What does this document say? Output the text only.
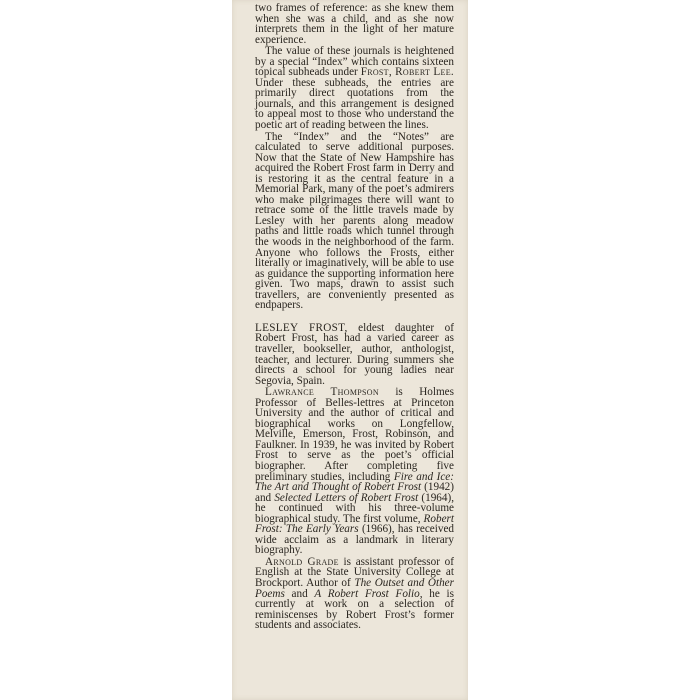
two frames of reference: as she knew them when she was a child, and as she now interprets them in the light of her mature experience.

The value of these journals is heightened by a special “Index” which contains sixteen topical subheads under Frost, Robert Lee. Under these subheads, the entries are primarily direct quotations from the journals, and this arrangement is designed to appeal most to those who understand the poetic art of reading between the lines.

The “Index” and the “Notes” are calculated to serve additional purposes. Now that the State of New Hampshire has acquired the Robert Frost farm in Derry and is restoring it as the central feature in a Memorial Park, many of the poet’s admirers who make pilgrimages there will want to retrace some of the little travels made by Lesley with her parents along meadow paths and little roads which tunnel through the woods in the neighborhood of the farm. Anyone who follows the Frosts, either literally or imaginatively, will be able to use as guidance the supporting information here given. Two maps, drawn to assist such travellers, are conveniently presented as endpapers.

LESLEY FROST, eldest daughter of Robert Frost, has had a varied career as traveller, bookseller, author, anthologist, teacher, and lecturer. During summers she directs a school for young ladies near Segovia, Spain.

Lawrance Thompson is Holmes Professor of Belles-lettres at Princeton University and the author of critical and biographical works on Longfellow, Melville, Emerson, Frost, Robinson, and Faulkner. In 1939, he was invited by Robert Frost to serve as the poet’s official biographer. After completing five preliminary studies, including Fire and Ice: The Art and Thought of Robert Frost (1942) and Selected Letters of Robert Frost (1964), he continued with his three-volume biographical study. The first volume, Robert Frost: The Early Years (1966), has received wide acclaim as a landmark in literary biography.

Arnold Grade is assistant professor of English at the State University College at Brockport. Author of The Outset and Other Poems and A Robert Frost Folio, he is currently at work on a selection of reminiscenses by Robert Frost’s former students and associates.
